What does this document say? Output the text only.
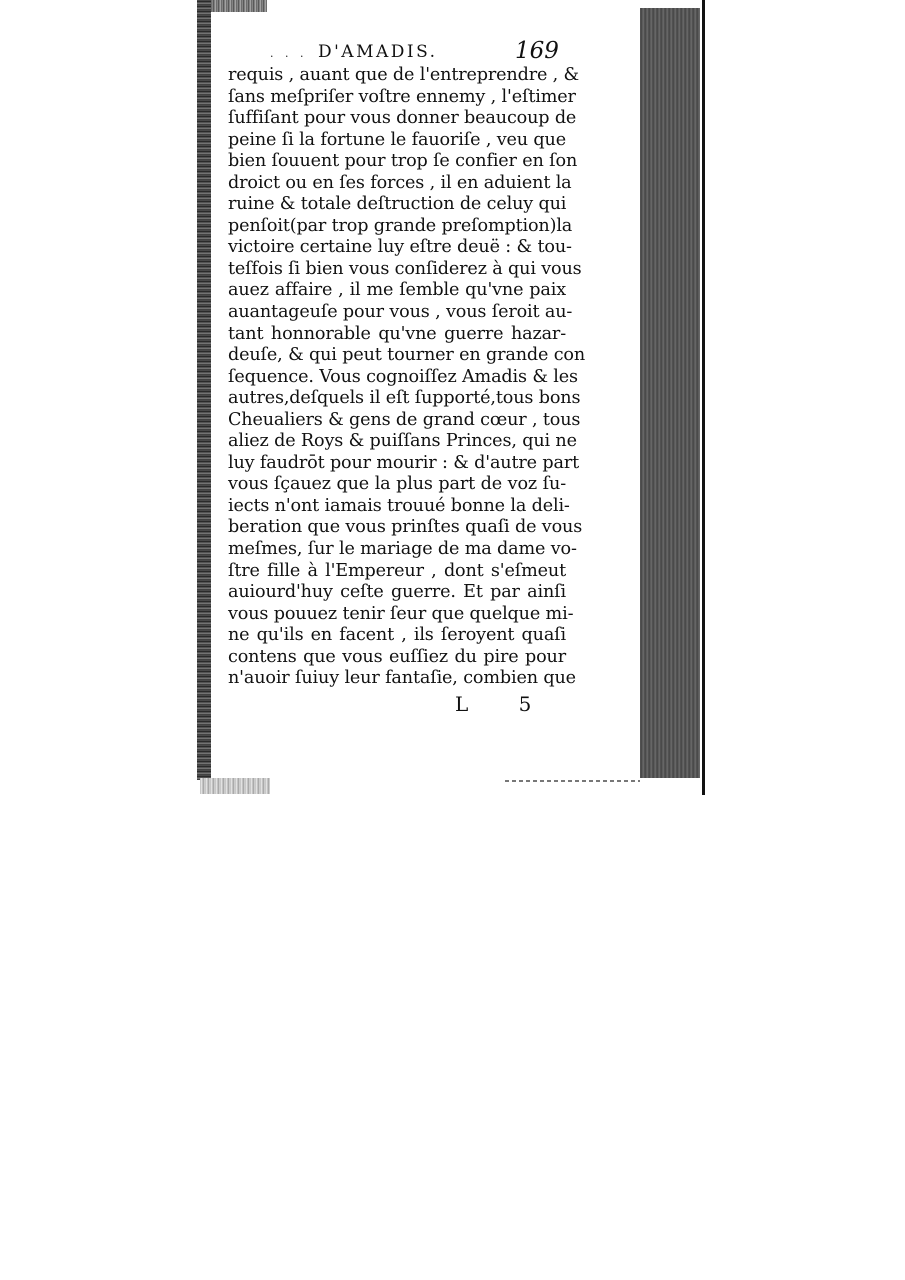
· · · D'AMADIS.	169
requis , auant que de l'entreprendre , &
ſans meſpriſer voſtre ennemy , l'eſtimer
ſuffiſant pour vous donner beaucoup de
peine ſi la fortune le fauoriſe , veu que
bien ſouuent pour trop ſe confier en ſon
droict ou en ſes forces , il en aduient la
ruine & totale deſtruction de celuy qui
penſoit(par trop grande preſomption)la
victoire certaine luy eſtre deuë : & tou-
teſfois ſi bien vous conſiderez à qui vous
auez affaire , il me ſemble qu'vne paix
auantageuſe pour vous , vous ſeroit au-
tant honnorable qu'vne guerre hazar-
deuſe, & qui peut tourner en grande con
ſequence. Vous cognoiſſez Amadis & les
autres,deſquels il eſt ſupporté,tous bons
Cheualiers & gens de grand cœur , tous
aliez de Roys & puiſſans Princes, qui ne
luy faudrōt pour mourir : & d'autre part
vous ſçauez que la plus part de voz ſu-
iects n'ont iamais trouué bonne la deli-
beration que vous prinſtes quaſi de vous
meſmes, ſur le mariage de ma dame vo-
ſtre fille à l'Empereur , dont s'eſmeut
auiourd'huy ceſte guerre. Et par ainſi
vous pouuez tenir ſeur que quelque mi-
ne qu'ils en facent , ils ſeroyent quaſi
contens que vous euſſiez du pire pour
n'auoir ſuiuy leur fantaſie, combien que
L 5
